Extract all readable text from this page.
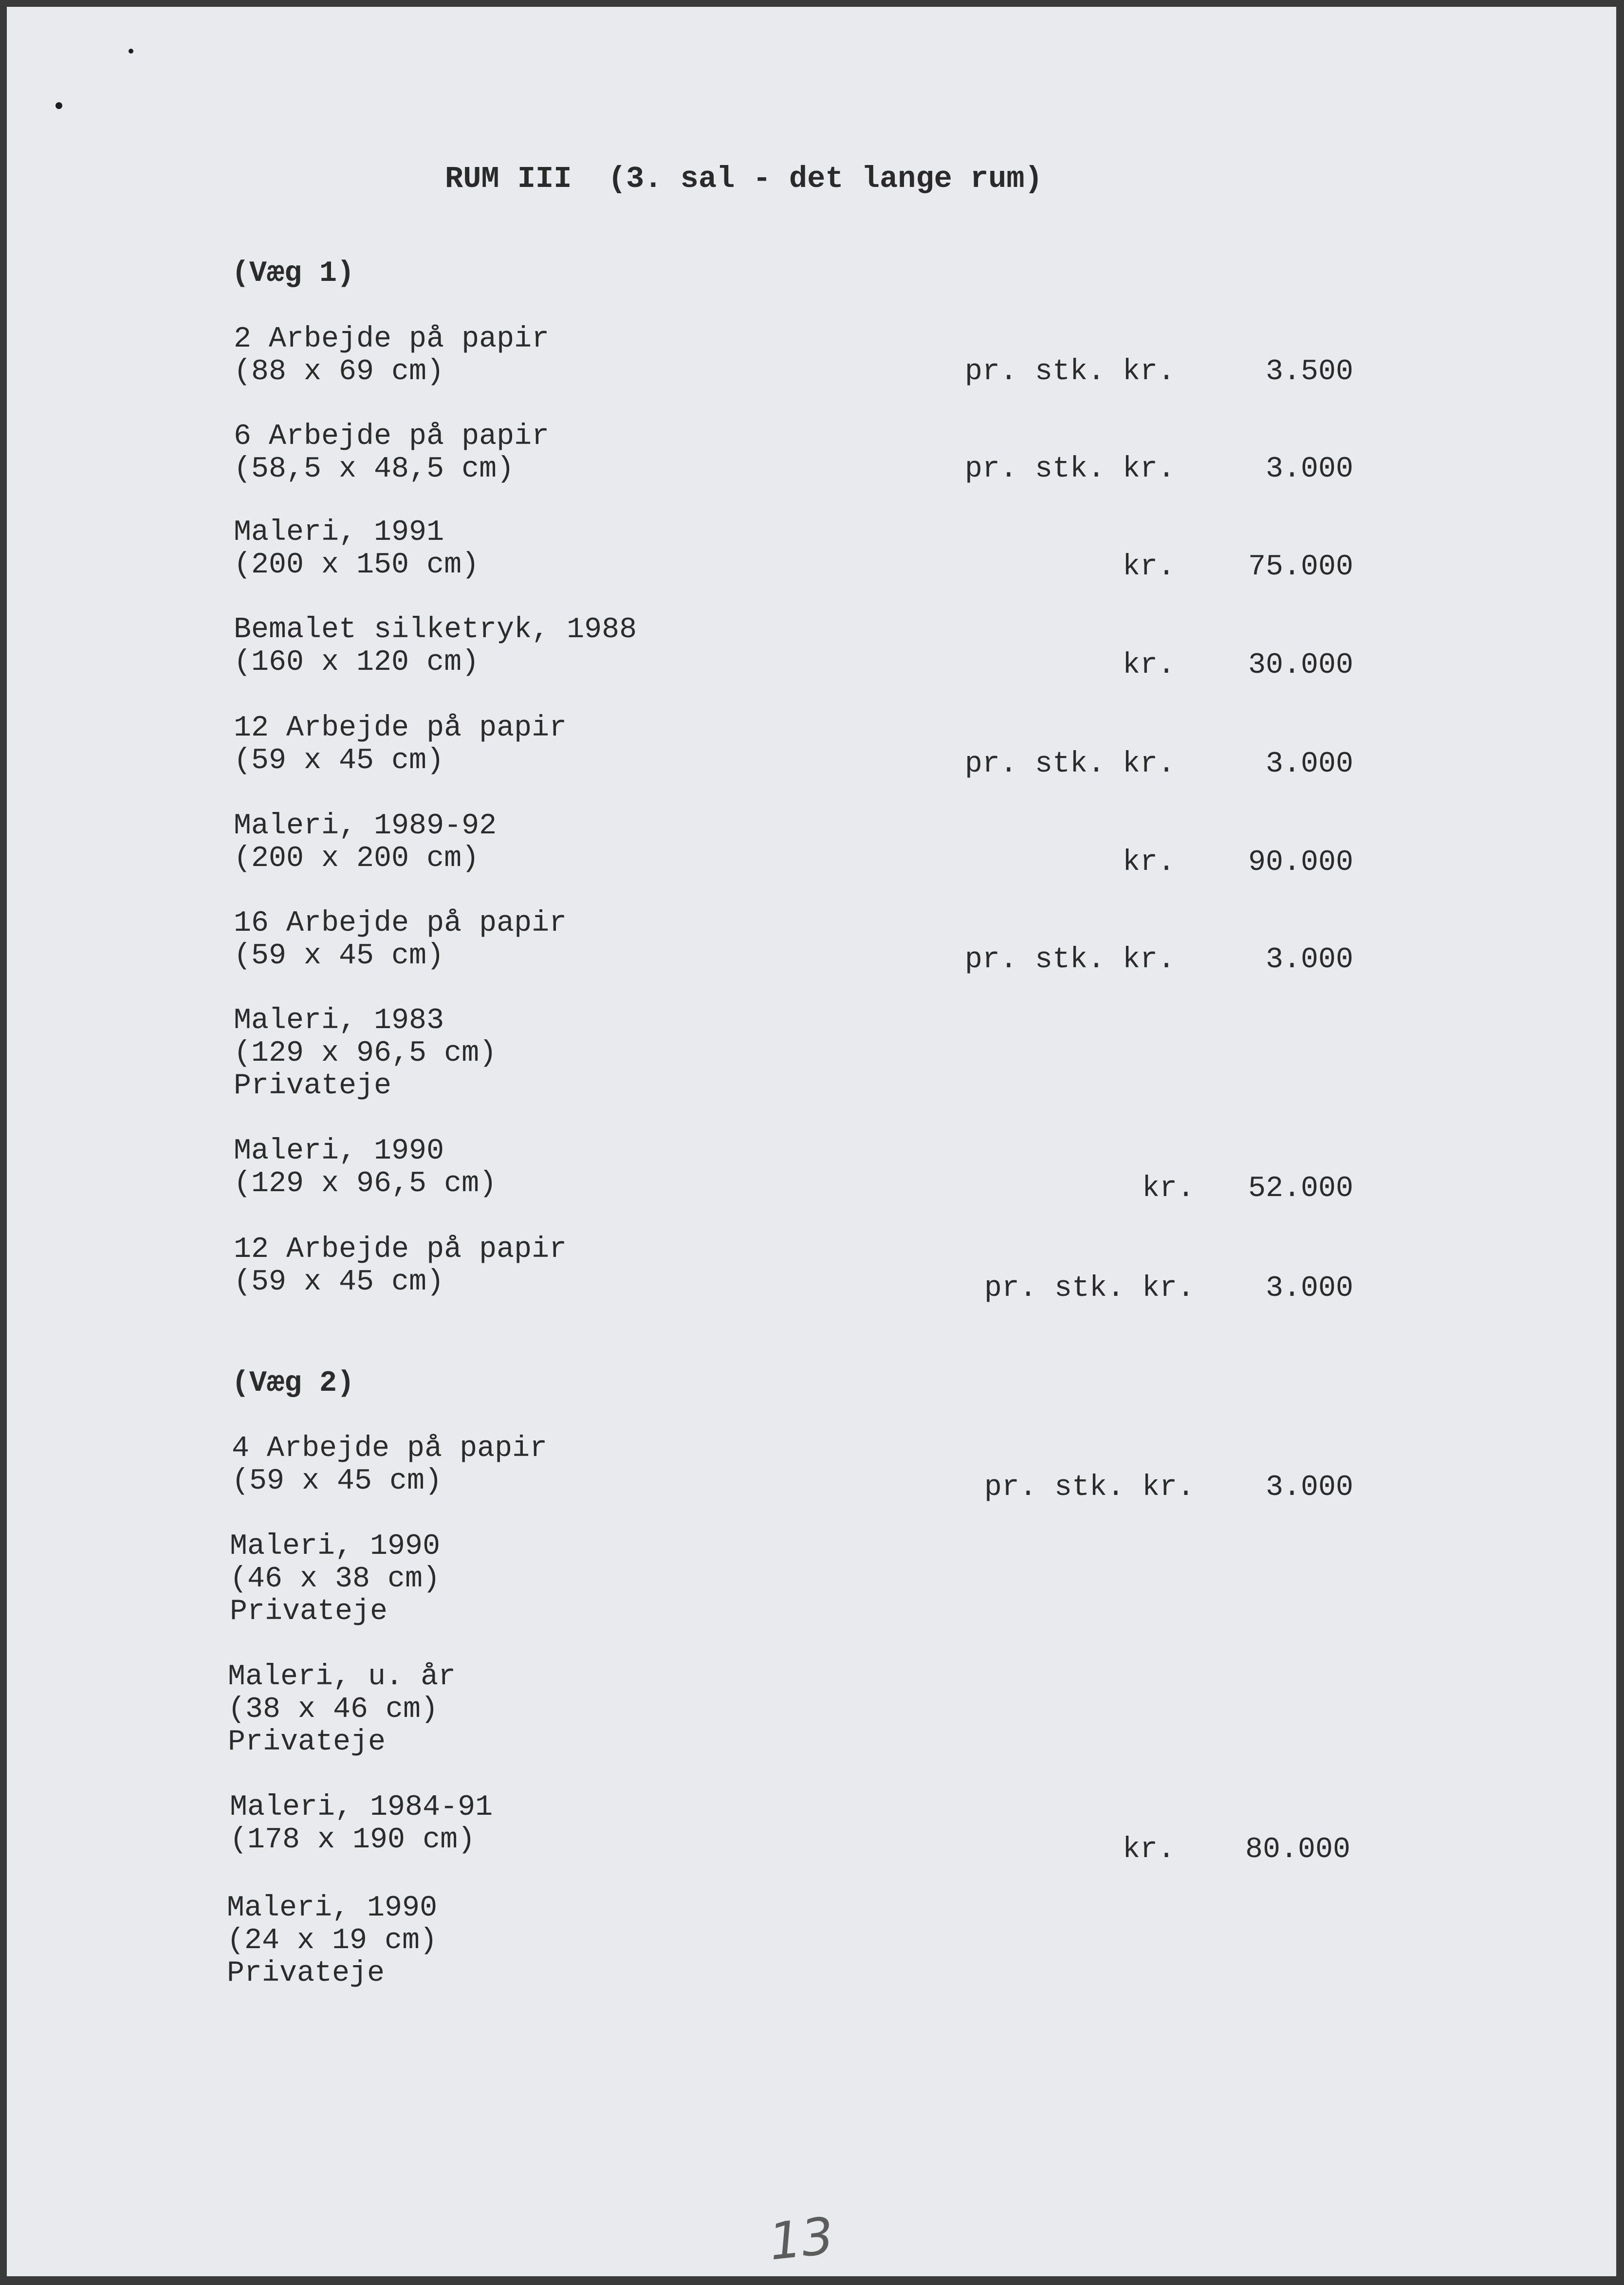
RUM III  (3. sal - det lange rum)
(Væg 1)
2 Arbejde på papir
(88 x 69 cm)	pr. stk. kr.	3.500
6 Arbejde på papir
(58,5 x 48,5 cm)	pr. stk. kr.	3.000
Maleri, 1991
(200 x 150 cm)	kr.	75.000
Bemalet silketryk, 1988
(160 x 120 cm)	kr.	30.000
12 Arbejde på papir
(59 x 45 cm)	pr. stk. kr.	3.000
Maleri, 1989-92
(200 x 200 cm)	kr.	90.000
16 Arbejde på papir
(59 x 45 cm)	pr. stk. kr.	3.000
Maleri, 1983
(129 x 96,5 cm)
Privateje
Maleri, 1990
(129 x 96,5 cm)	kr.	52.000
12 Arbejde på papir
(59 x 45 cm)	pr. stk. kr.	3.000
(Væg 2)
4 Arbejde på papir
(59 x 45 cm)	pr. stk. kr.	3.000
Maleri, 1990
(46 x 38 cm)
Privateje
Maleri, u. år
(38 x 46 cm)
Privateje
Maleri, 1984-91
(178 x 190 cm)	kr.	80.000
Maleri, 1990
(24 x 19 cm)
Privateje
13
